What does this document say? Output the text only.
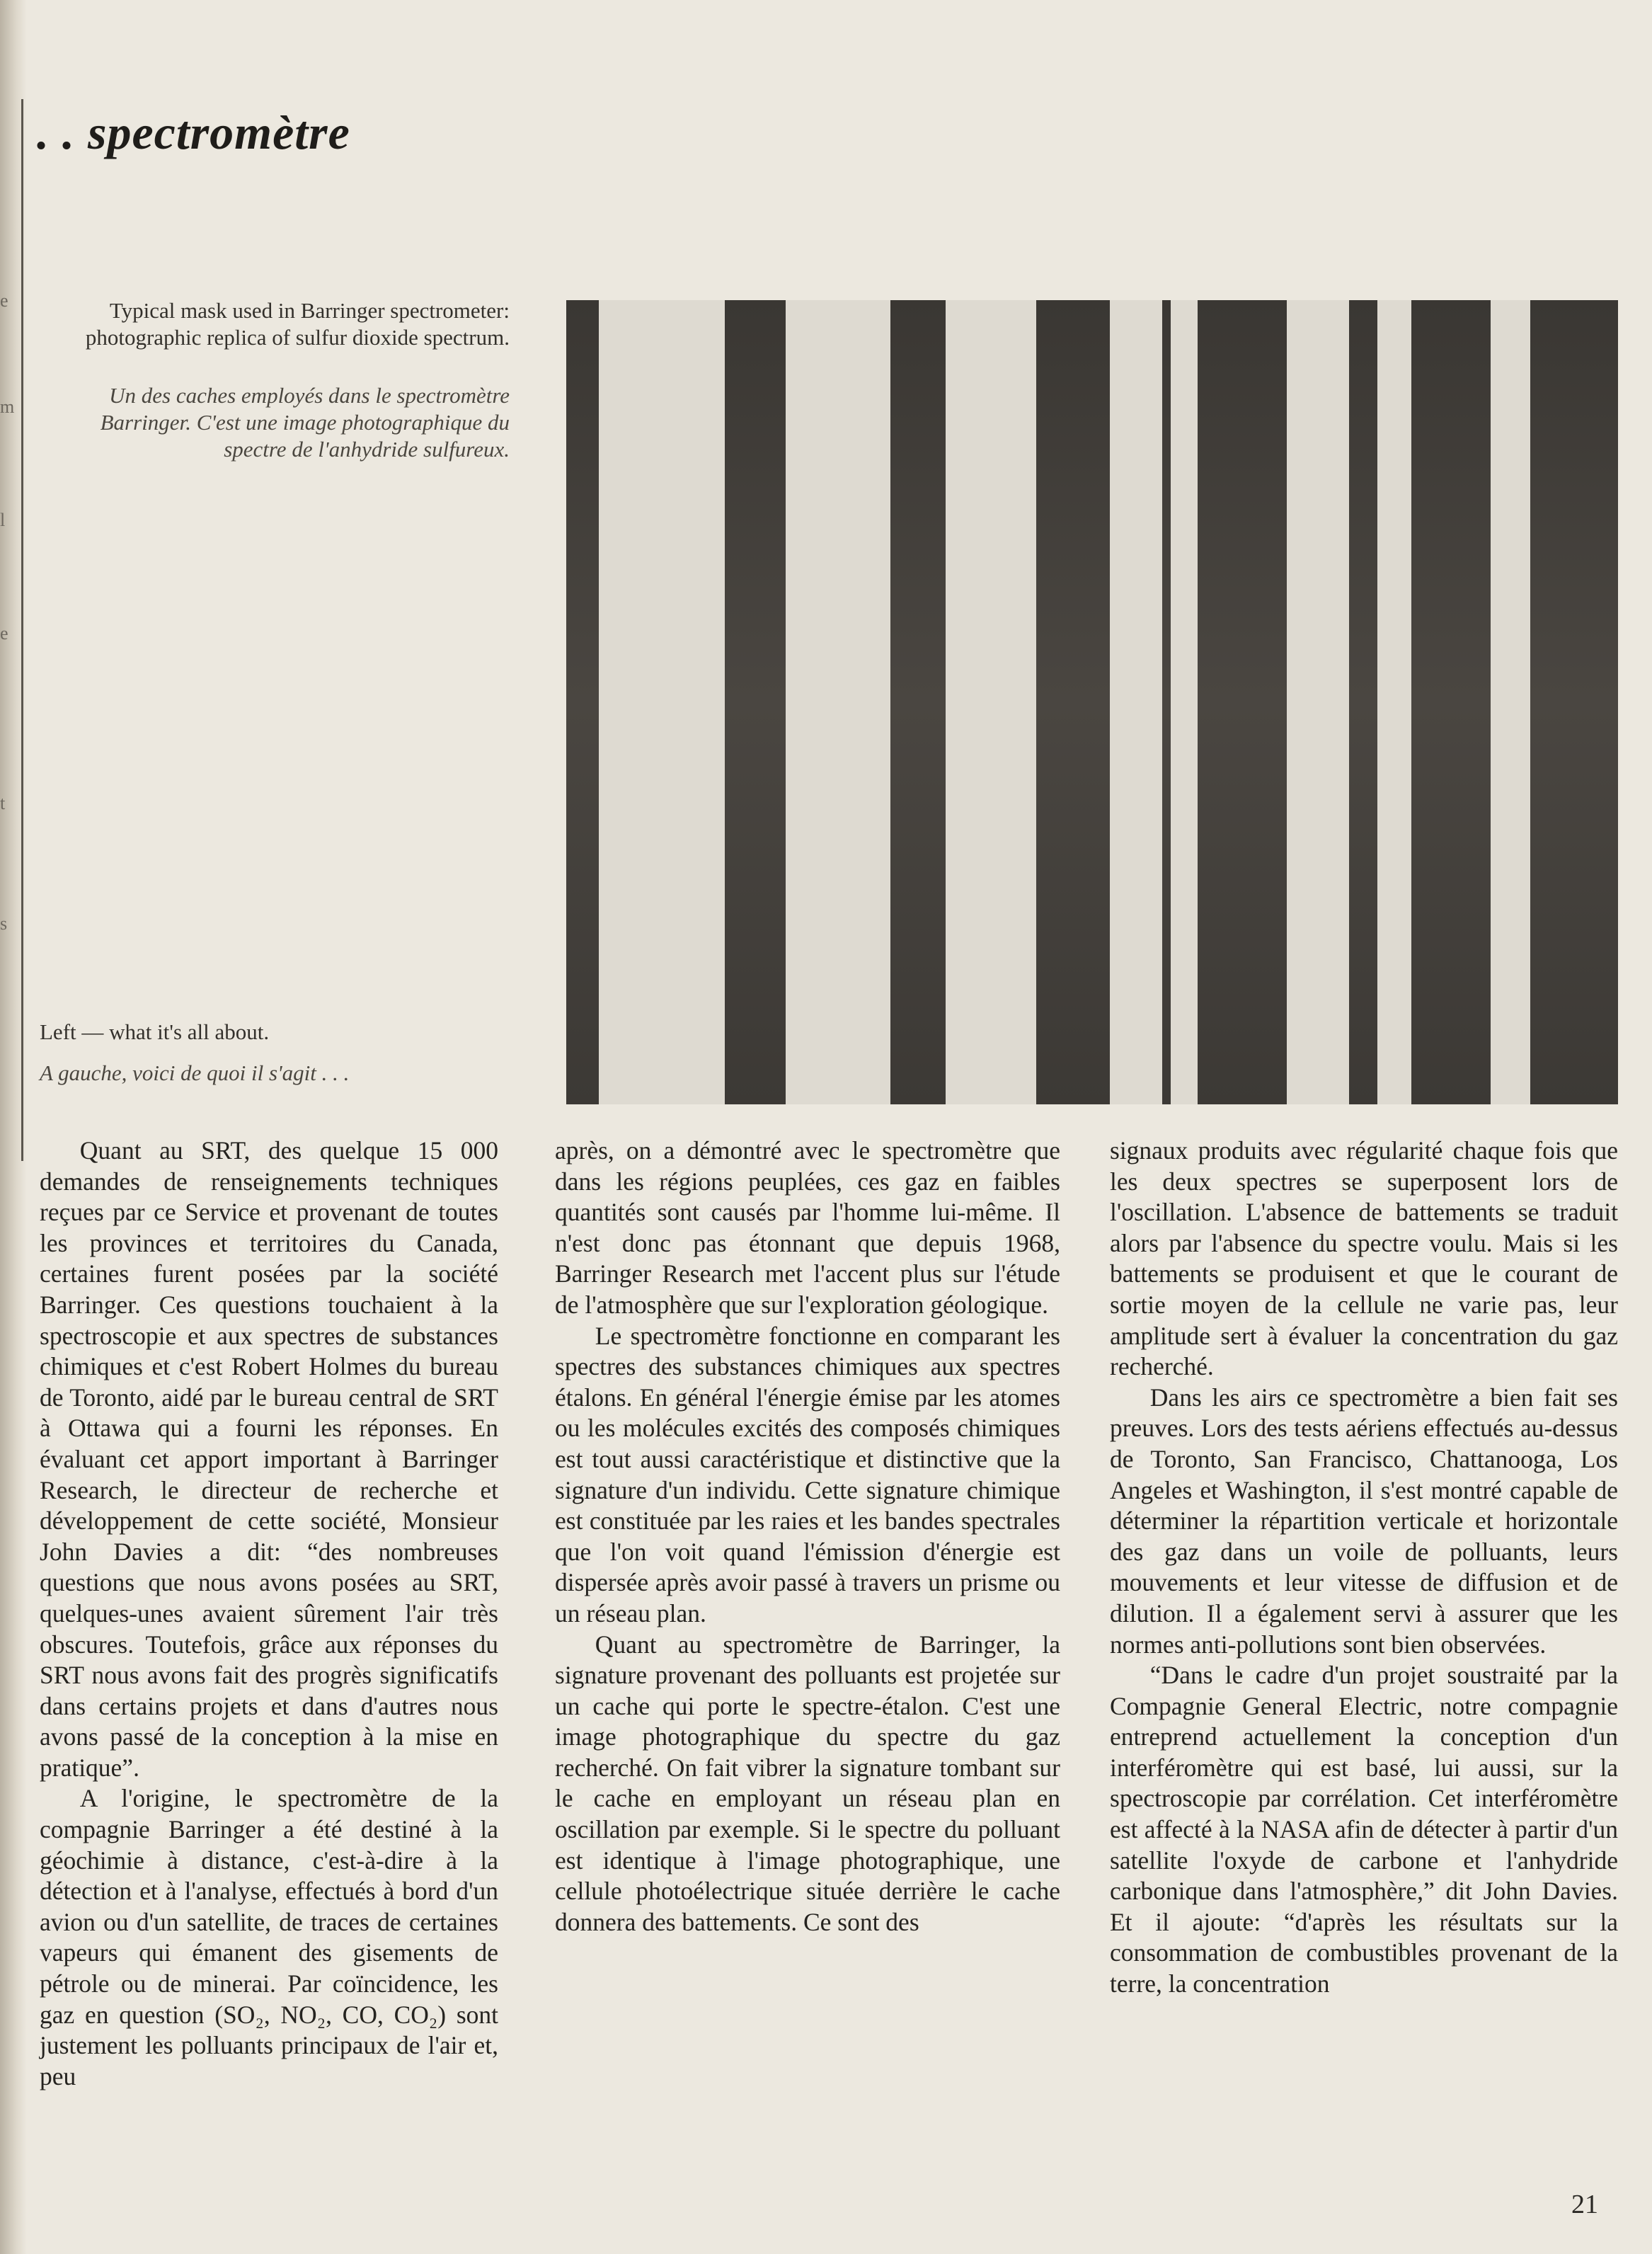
e
m
l
e
t
s
. . spectromètre

Typical mask used in Barringer spectrometer: photographic replica of sulfur dioxide spectrum.

Un des caches employés dans le spectromètre Barringer. C'est une image photographique du spectre de l'anhydride sulfureux.

Left — what it's all about.

A gauche, voici de quoi il s'agit . . .

Quant au SRT, des quelque 15 000 demandes de renseignements techniques reçues par ce Service et provenant de toutes les provinces et territoires du Canada, certaines furent posées par la société Barringer. Ces questions touchaient à la spectroscopie et aux spectres de substances chimiques et c'est Robert Holmes du bureau de Toronto, aidé par le bureau central de SRT à Ottawa qui a fourni les réponses. En évaluant cet apport important à Barringer Research, le directeur de recherche et développement de cette société, Monsieur John Davies a dit: “des nombreuses questions que nous avons posées au SRT, quelques-unes avaient sûrement l'air très obscures. Toutefois, grâce aux réponses du SRT nous avons fait des progrès significatifs dans certains projets et dans d'autres nous avons passé de la conception à la mise en pratique”.

A l'origine, le spectromètre de la compagnie Barringer a été destiné à la géochimie à distance, c'est-à-dire à la détection et à l'analyse, effectués à bord d'un avion ou d'un satellite, de traces de certaines vapeurs qui émanent des gisements de pétrole ou de minerai. Par coïncidence, les gaz en question (SO₂, NO₂, CO, CO₂) sont justement les polluants principaux de l'air et, peu

après, on a démontré avec le spectromètre que dans les régions peuplées, ces gaz en faibles quantités sont causés par l'homme lui-même. Il n'est donc pas étonnant que depuis 1968, Barringer Research met l'accent plus sur l'étude de l'atmosphère que sur l'exploration géologique.

Le spectromètre fonctionne en comparant les spectres des substances chimiques aux spectres étalons. En général l'énergie émise par les atomes ou les molécules excités des composés chimiques est tout aussi caractéristique et distinctive que la signature d'un individu. Cette signature chimique est constituée par les raies et les bandes spectrales que l'on voit quand l'émission d'énergie est dispersée après avoir passé à travers un prisme ou un réseau plan.

Quant au spectromètre de Barringer, la signature provenant des polluants est projetée sur un cache qui porte le spectre-étalon. C'est une image photographique du spectre du gaz recherché. On fait vibrer la signature tombant sur le cache en employant un réseau plan en oscillation par exemple. Si le spectre du polluant est identique à l'image photographique, une cellule photoélectrique située derrière le cache donnera des battements. Ce sont des

signaux produits avec régularité chaque fois que les deux spectres se superposent lors de l'oscillation. L'absence de battements se traduit alors par l'absence du spectre voulu. Mais si les battements se produisent et que le courant de sortie moyen de la cellule ne varie pas, leur amplitude sert à évaluer la concentration du gaz recherché.

Dans les airs ce spectromètre a bien fait ses preuves. Lors des tests aériens effectués au-dessus de Toronto, San Francisco, Chattanooga, Los Angeles et Washington, il s'est montré capable de déterminer la répartition verticale et horizontale des gaz dans un voile de polluants, leurs mouvements et leur vitesse de diffusion et de dilution. Il a également servi à assurer que les normes anti-pollutions sont bien observées.

“Dans le cadre d'un projet soustraité par la Compagnie General Electric, notre compagnie entreprend actuellement la conception d'un interféromètre qui est basé, lui aussi, sur la spectroscopie par corrélation. Cet interféromètre est affecté à la NASA afin de détecter à partir d'un satellite l'oxyde de carbone et l'anhydride carbonique dans l'atmosphère,” dit John Davies. Et il ajoute: “d'après les résultats sur la consommation de combustibles provenant de la terre, la concentration

21
